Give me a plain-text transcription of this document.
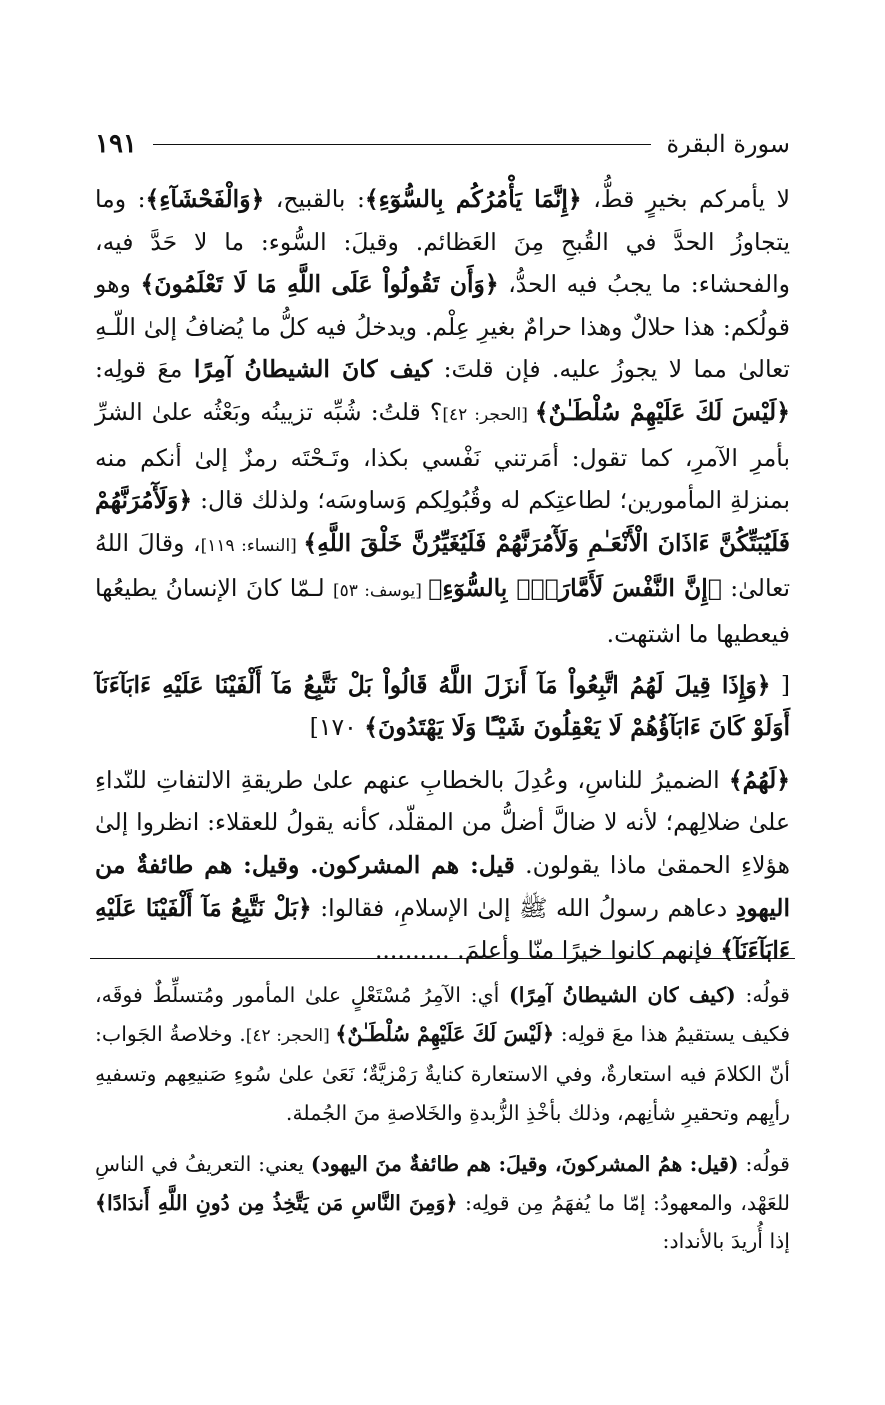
سورة البقرة
١٩١

لا يأمركم بخيرٍ قطُّ، ﴿إِنَّمَا يَأْمُرُكُم بِالسُّوٓءِ﴾: بالقبيح، ﴿وَالْفَحْشَآءِ﴾: وما يتجاوزُ الحدَّ في القُبحِ مِنَ العَظائم. وقيلَ: السُّوء: ما لا حَدَّ فيه، والفحشاء: ما يجبُ فيه الحدُّ، ﴿وَأَن تَقُولُواْ عَلَى اللَّهِ مَا لَا تَعْلَمُونَ﴾ وهو قولُكم: هذا حلالٌ وهذا حرامٌ بغيرِ عِلْم. ويدخلُ فيه كلُّ ما يُضافُ إلىٰ اللّـهِ تعالىٰ مما لا يجوزُ عليه. فإن قلتَ: كيف كانَ الشيطانُ آمِرًا معَ قولِه: ﴿لَيْسَ لَكَ عَلَيْهِمْ سُلْطَـٰنٌ﴾ [الحجر: ٤٢]؟ قلتُ: شُبِّه تزيينُه وبَعْثُه علىٰ الشرِّ بأمرِ الآمرِ، كما تقول: أمَرتني نَفْسي بكذا، وتَـحْتَه رمزٌ إلىٰ أنكم منه بمنزلةِ المأمورين؛ لطاعتِكم له وقُبُولِكم وَساوسَه؛ ولذلك قال: ﴿وَلَأٓمُرَنَّهُمْ فَلَيُبَتِّكُنَّ ءَاذَانَ الْأَنْعَـٰمِ وَلَأٓمُرَنَّهُمْ فَلَيُغَيِّرُنَّ خَلْقَ اللَّهِ﴾ [النساء: ١١٩]، وقالَ اللهُ تعالىٰ: ﴿إِنَّ النَّفْسَ لَأَمَّارَةٌۢ بِالسُّوٓءِ﴾ [يوسف: ٥٣] لـمّا كانَ الإنسانُ يطيعُها فيعطيها ما اشتهت.

[ ﴿وَإِذَا قِيلَ لَهُمُ اتَّبِعُواْ مَآ أَنزَلَ اللَّهُ قَالُواْ بَلْ نَتَّبِعُ مَآ أَلْفَيْنَا عَلَيْهِ ءَابَآءَنَآ أَوَلَوْ كَانَ ءَابَآؤُهُمْ لَا يَعْقِلُونَ شَيْـًٔا وَلَا يَهْتَدُونَ﴾ ١٧٠]

﴿لَهُمُ﴾ الضميرُ للناسِ، وعُدِلَ بالخطابِ عنهم علىٰ طريقةِ الالتفاتِ للنّداءِ علىٰ ضلالِهم؛ لأنه لا ضالَّ أضلُّ من المقلّد، كأنه يقولُ للعقلاء: انظروا إلىٰ هؤلاءِ الحمقىٰ ماذا يقولون. قيل: هم المشركون. وقيل: هم طائفةٌ من اليهودِ دعاهم رسولُ الله ﷺ إلىٰ الإسلامِ، فقالوا: ﴿بَلْ نَتَّبِعُ مَآ أَلْفَيْنَا عَلَيْهِ ءَابَآءَنَآ﴾ فإنهم كانوا خيرًا منّا وأعلمَ. ..........

قولُه: (كيف كان الشيطانُ آمِرًا) أي: الآمِرُ مُسْتَعْلٍ علىٰ المأمور ومُتسلِّطٌ فوقَه، فكيف يستقيمُ هذا معَ قولِه: ﴿لَيْسَ لَكَ عَلَيْهِمْ سُلْطَـٰنٌ﴾ [الحجر: ٤٢]. وخلاصةُ الجَواب: أنّ الكلامَ فيه استعارةٌ، وفي الاستعارة كنايةٌ رَمْزيَّةٌ؛ نَعَىٰ علىٰ سُوءِ صَنيعِهم وتسفيهِ رأيِهم وتحقيرِ شأنِهم، وذلك بأخْذِ الزُّبدةِ والخَلاصةِ منَ الجُملة.

قولُه: (قيل: همُ المشركونَ، وقيلَ: هم طائفةٌ منَ اليهود) يعني: التعريفُ في الناسِ للعَهْد، والمعهودُ: إمّا ما يُفهَمُ مِن قولِه: ﴿وَمِنَ النَّاسِ مَن يَتَّخِذُ مِن دُونِ اللَّهِ أَندَادًا﴾ إذا أُريدَ بالأنداد:
